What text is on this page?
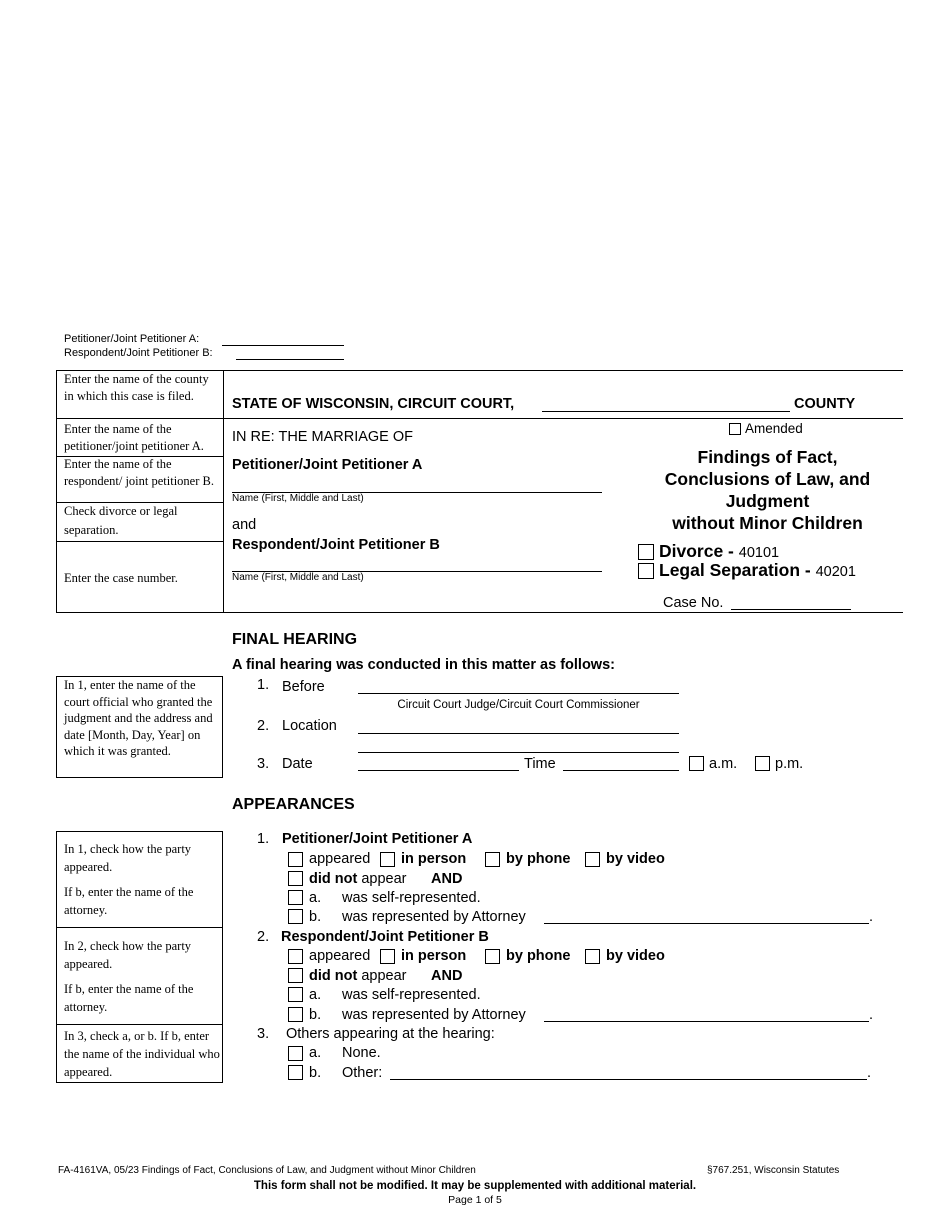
Petitioner/Joint Petitioner A:
Respondent/Joint Petitioner B:
Enter the name of the county in which this case is filed.
Enter the name of the petitioner/joint petitioner A.
Enter the name of the respondent/ joint petitioner B.
Check divorce or legal separation.
Enter the case number.
STATE OF WISCONSIN, CIRCUIT COURT,	COUNTY
IN RE: THE MARRIAGE OF
Petitioner/Joint Petitioner A
Name (First, Middle and Last)
and
Respondent/Joint Petitioner B
Name (First, Middle and Last)
Amended
Findings of Fact,
Conclusions of Law, and
Judgment
without Minor Children
Divorce - 40101
Legal Separation - 40201
Case No.
FINAL HEARING
A final hearing was conducted in this matter as follows:
In 1, enter the name of the court official who granted the judgment and the address and date [Month, Day, Year] on which it was granted.
1. Before
Circuit Court Judge/Circuit Court Commissioner
2. Location
3. Date	Time	a.m.	p.m.
APPEARANCES
In 1, check how the party appeared.
If b, enter the name of the attorney.
In 2, check how the party appeared.
If b, enter the name of the attorney.
In 3, check a, or b. If b, enter the name of the individual who appeared.
1. Petitioner/Joint Petitioner A
appeared in person	by phone by video
did not appear AND
a. was self-represented.
b. was represented by Attorney	.
2. Respondent/Joint Petitioner B
appeared in person	by phone by video
did not appear AND
a. was self-represented.
b. was represented by Attorney	.
3. Others appearing at the hearing:
a. None.
b. Other:	.
FA-4161VA, 05/23 Findings of Fact, Conclusions of Law, and Judgment without Minor Children	§767.251, Wisconsin Statutes
This form shall not be modified. It may be supplemented with additional material.
Page 1 of 5
